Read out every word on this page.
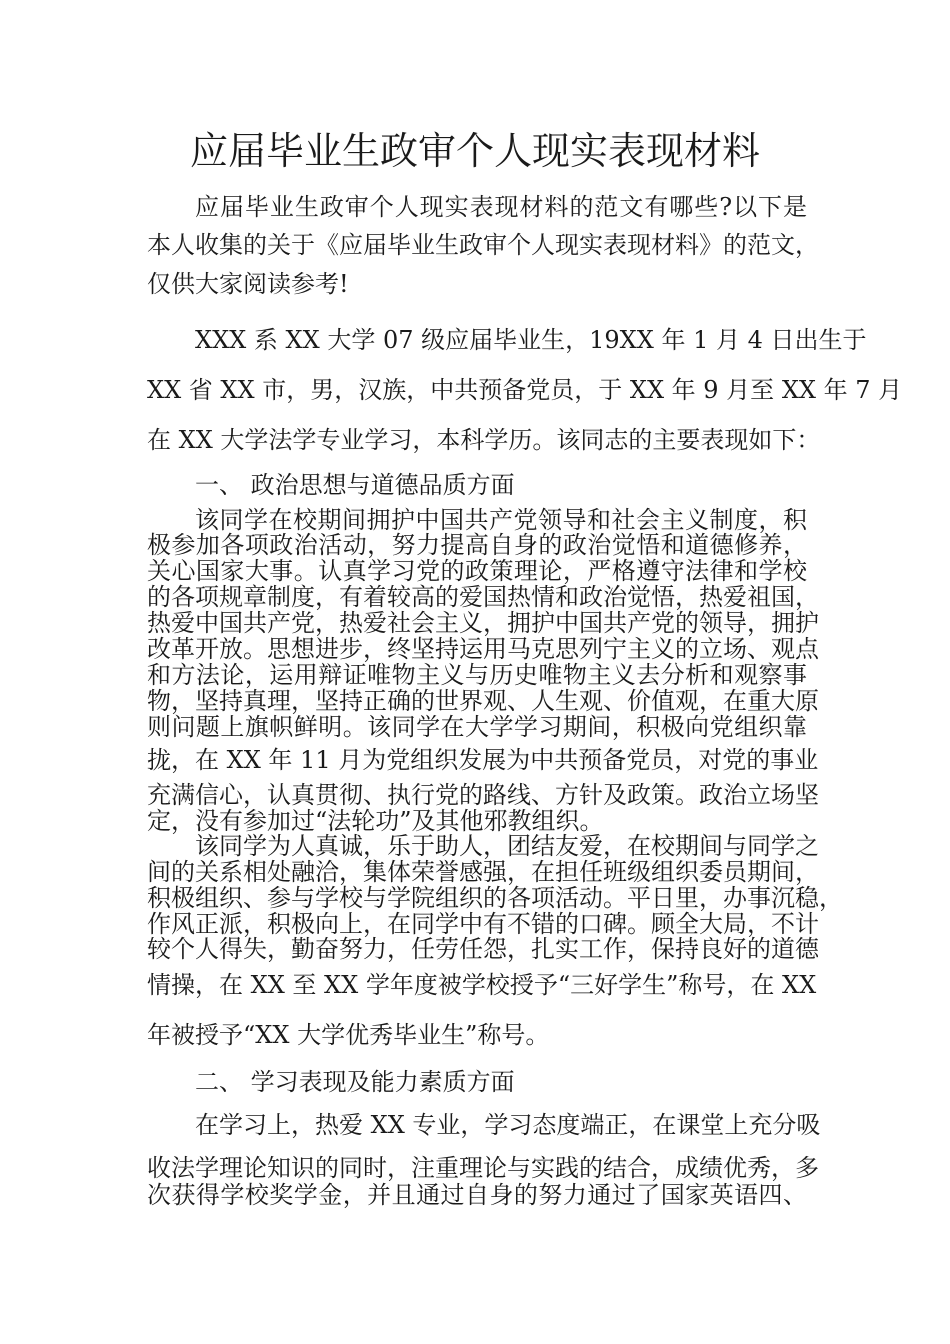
应届毕业生政审个人现实表现材料
应届毕业生政审个人现实表现材料的范文有哪些?以下是
本人收集的关于《应届毕业生政审个人现实表现材料》的范文，
仅供大家阅读参考!
XXX 系 XX 大学 07 级应届毕业生，19XX 年 1 月 4 日出生于
XX 省 XX 市，男，汉族，中共预备党员，于 XX 年 9 月至 XX 年 7 月
在 XX 大学法学专业学习，本科学历。该同志的主要表现如下：
一、 政治思想与道德品质方面
该同学在校期间拥护中国共产党领导和社会主义制度，积
极参加各项政治活动，努力提高自身的政治觉悟和道德修养，
关心国家大事。认真学习党的政策理论，严格遵守法律和学校
的各项规章制度，有着较高的爱国热情和政治觉悟，热爱祖国，
热爱中国共产党，热爱社会主义，拥护中国共产党的领导，拥护
改革开放。思想进步，终坚持运用马克思列宁主义的立场、观点
和方法论，运用辩证唯物主义与历史唯物主义去分析和观察事
物，坚持真理，坚持正确的世界观、人生观、价值观，在重大原
则问题上旗帜鲜明。该同学在大学学习期间，积极向党组织靠
拢，在 XX 年 11 月为党组织发展为中共预备党员，对党的事业
充满信心，认真贯彻、执行党的路线、方针及政策。政治立场坚
定，没有参加过“法轮功”及其他邪教组织。
该同学为人真诚，乐于助人，团结友爱，在校期间与同学之
间的关系相处融洽，集体荣誉感强，在担任班级组织委员期间，
积极组织、参与学校与学院组织的各项活动。平日里，办事沉稳，
作风正派，积极向上，在同学中有不错的口碑。顾全大局，不计
较个人得失，勤奋努力，任劳任怨，扎实工作，保持良好的道德
情操，在 XX 至 XX 学年度被学校授予“三好学生”称号，在 XX
年被授予“XX 大学优秀毕业生”称号。
二、 学习表现及能力素质方面
在学习上，热爱 XX 专业，学习态度端正，在课堂上充分吸
收法学理论知识的同时，注重理论与实践的结合，成绩优秀，多
次获得学校奖学金，并且通过自身的努力通过了国家英语四、
